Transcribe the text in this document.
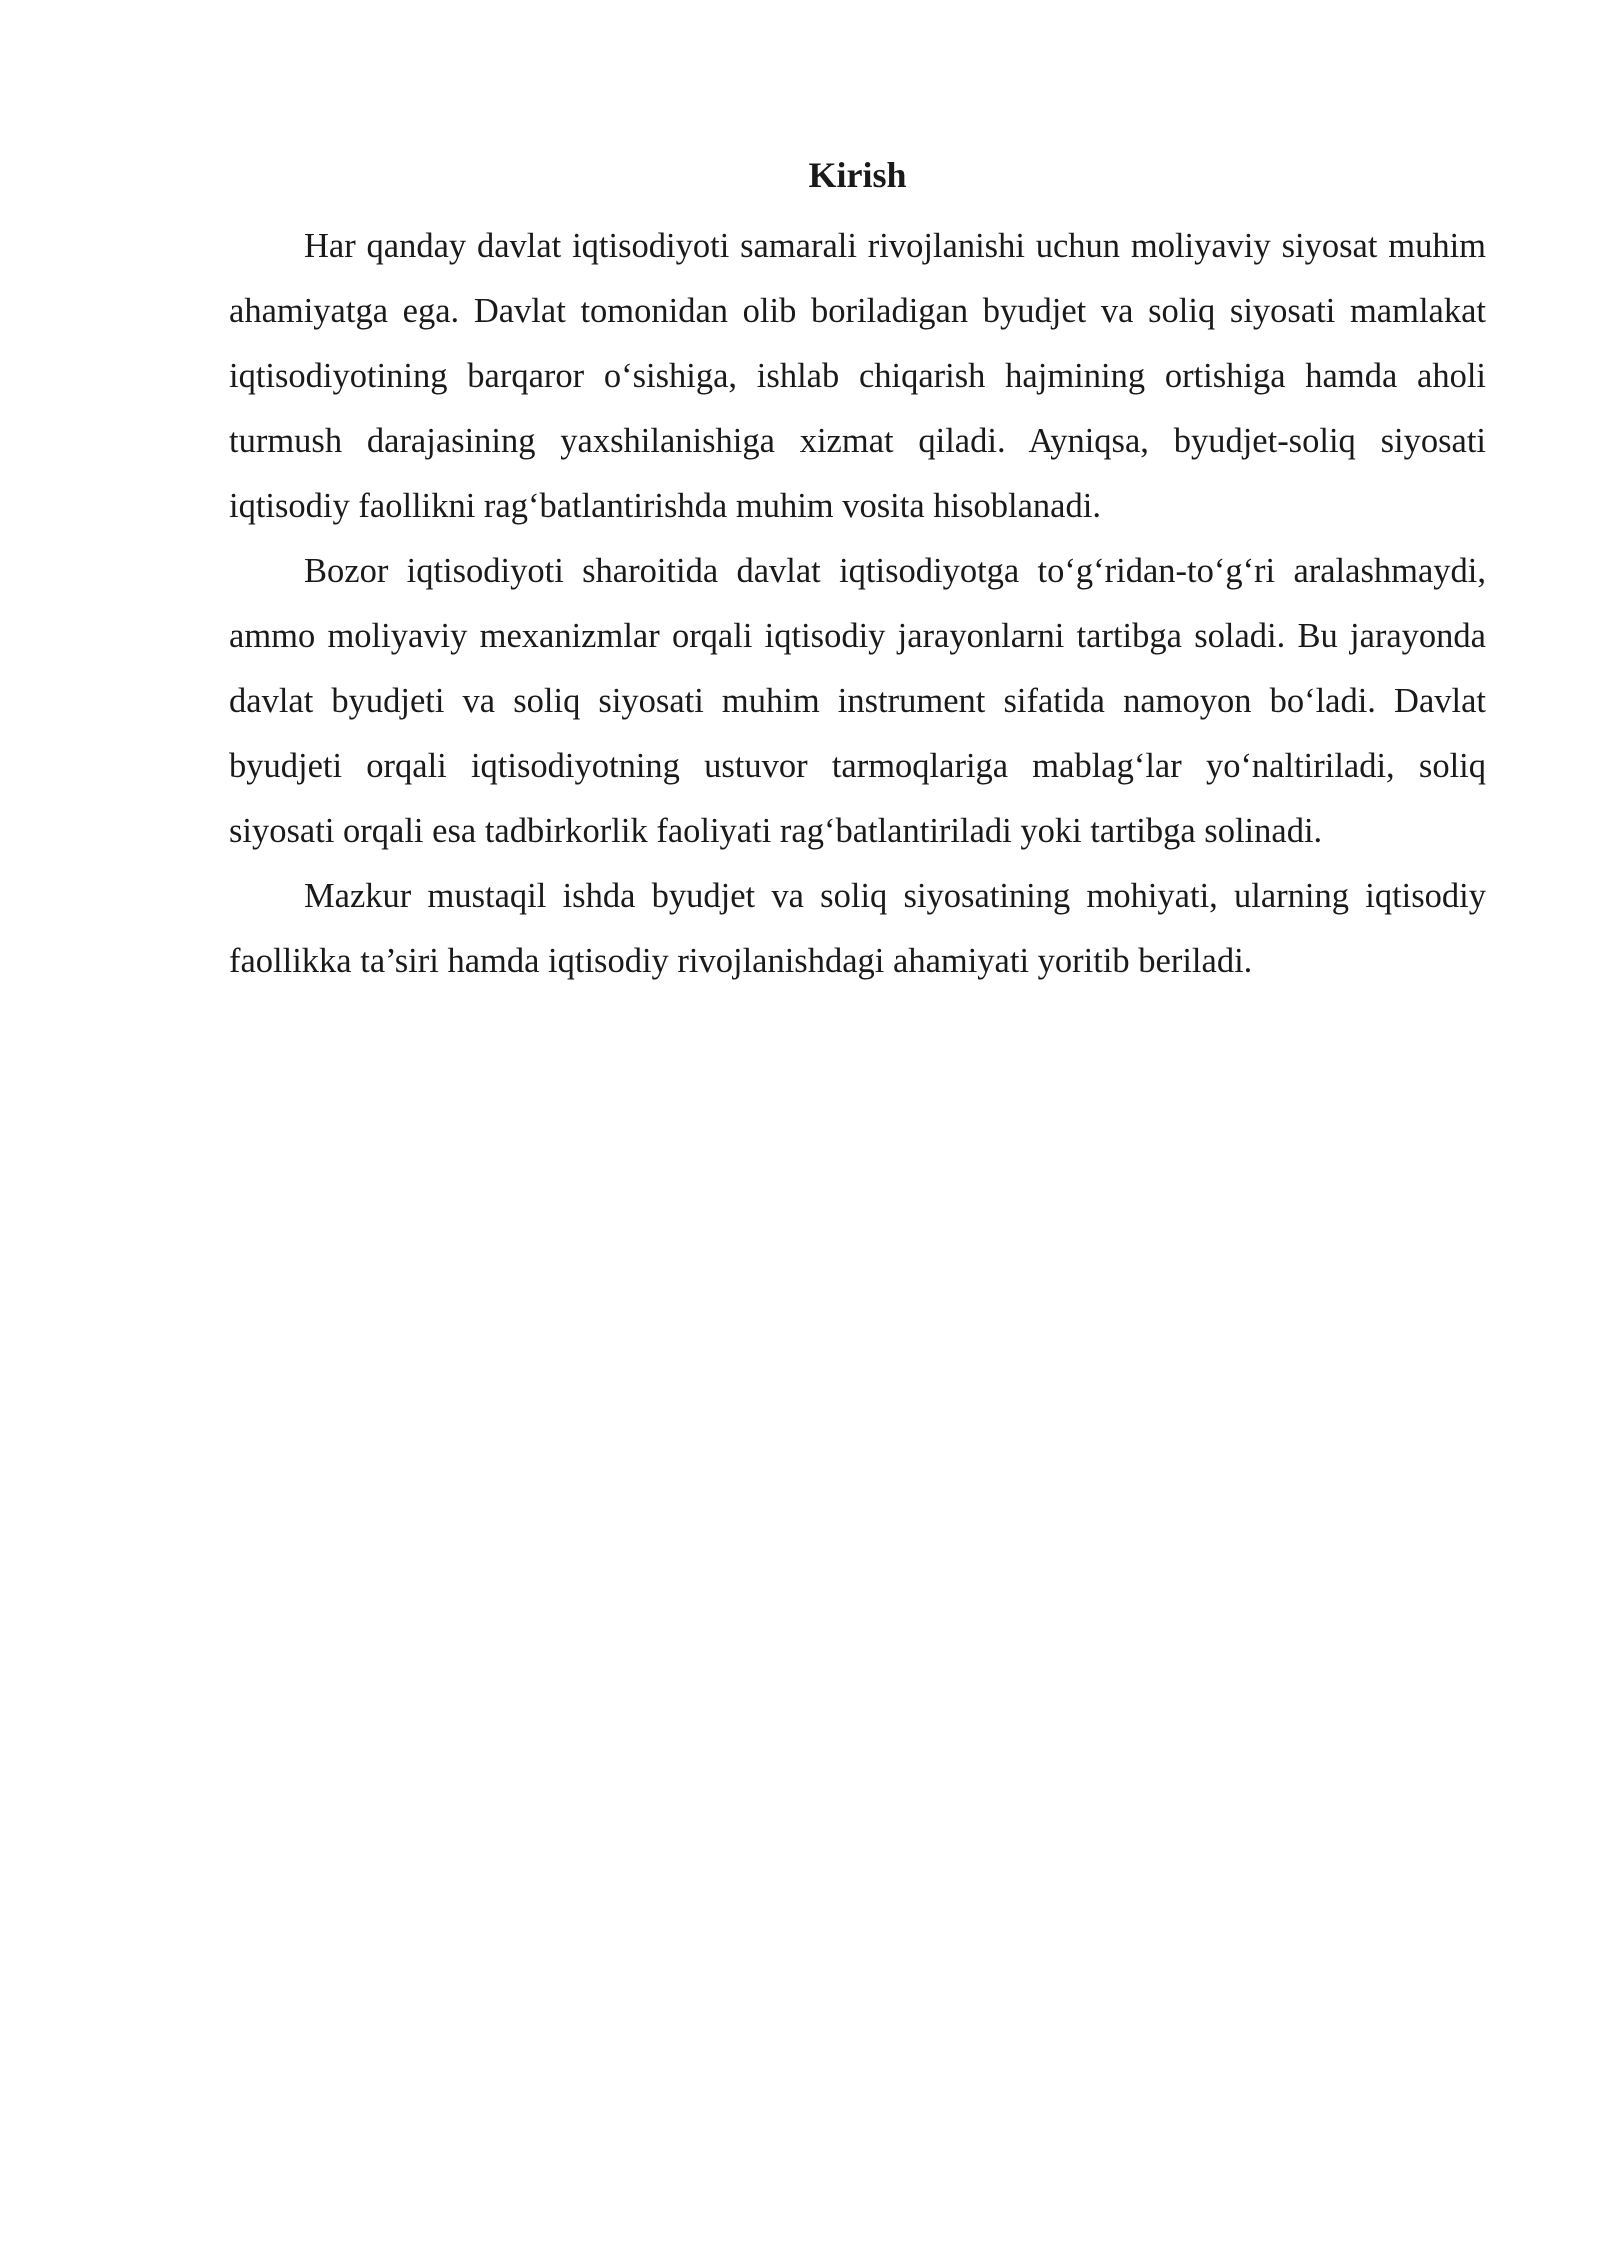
Kirish

Har qanday davlat iqtisodiyoti samarali rivojlanishi uchun moliyaviy siyosat muhim ahamiyatga ega. Davlat tomonidan olib boriladigan byudjet va soliq siyosati mamlakat iqtisodiyotining barqaror o‘sishiga, ishlab chiqarish hajmining ortishiga hamda aholi turmush darajasining yaxshilanishiga xizmat qiladi. Ayniqsa, byudjet-soliq siyosati iqtisodiy faollikni rag‘batlantirishda muhim vosita hisoblanadi.

Bozor iqtisodiyoti sharoitida davlat iqtisodiyotga to‘g‘ridan-to‘g‘ri aralashmaydi, ammo moliyaviy mexanizmlar orqali iqtisodiy jarayonlarni tartibga soladi. Bu jarayonda davlat byudjeti va soliq siyosati muhim instrument sifatida namoyon bo‘ladi. Davlat byudjeti orqali iqtisodiyotning ustuvor tarmoqlariga mablag‘lar yo‘naltiriladi, soliq siyosati orqali esa tadbirkorlik faoliyati rag‘batlantiriladi yoki tartibga solinadi.

Mazkur mustaqil ishda byudjet va soliq siyosatining mohiyati, ularning iqtisodiy faollikka ta’siri hamda iqtisodiy rivojlanishdagi ahamiyati yoritib beriladi.
